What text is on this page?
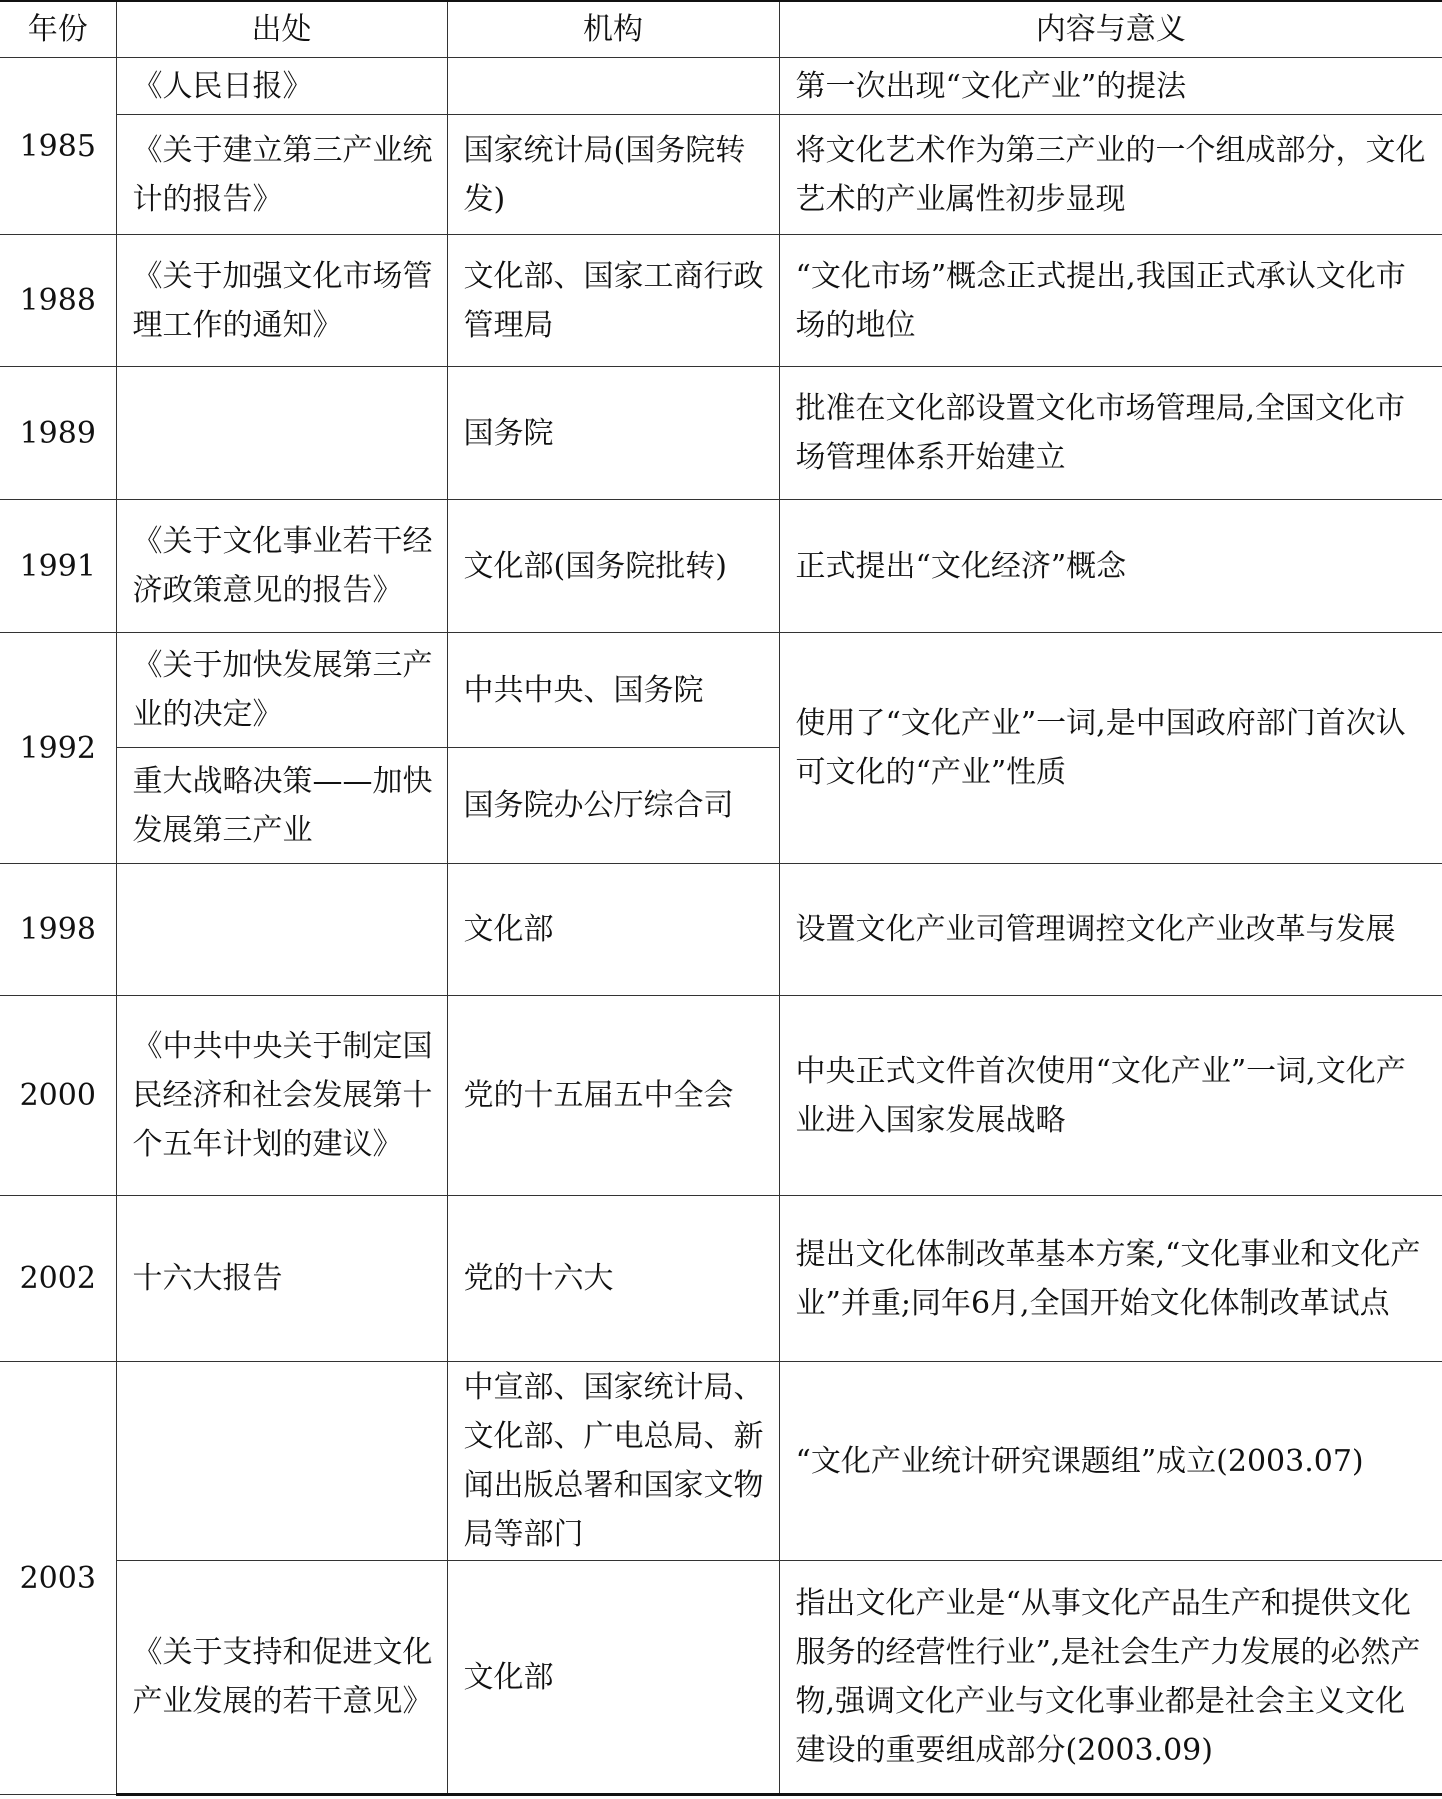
年份	出处	机构	内容与意义
1985	《人民日报》		第一次出现“文化产业”的提法
	《关于建立第三产业统计的报告》	国家统计局(国务院转发)	将文化艺术作为第三产业的一个组成部分，文化艺术的产业属性初步显现
1988	《关于加强文化市场管理工作的通知》	文化部、国家工商行政管理局	“文化市场”概念正式提出,我国正式承认文化市场的地位
1989		国务院	批准在文化部设置文化市场管理局,全国文化市场管理体系开始建立
1991	《关于文化事业若干经济政策意见的报告》	文化部(国务院批转)	正式提出“文化经济”概念
1992	《关于加快发展第三产业的决定》	中共中央、国务院	使用了“文化产业”一词,是中国政府部门首次认可文化的“产业”性质
	重大战略决策——加快发展第三产业	国务院办公厅综合司	
1998		文化部	设置文化产业司管理调控文化产业改革与发展
2000	《中共中央关于制定国民经济和社会发展第十个五年计划的建议》	党的十五届五中全会	中央正式文件首次使用“文化产业”一词,文化产业进入国家发展战略
2002	十六大报告	党的十六大	提出文化体制改革基本方案,“文化事业和文化产业”并重;同年6月,全国开始文化体制改革试点
2003		中宣部、国家统计局、文化部、广电总局、新闻出版总署和国家文物局等部门	“文化产业统计研究课题组”成立(2003.07)
	《关于支持和促进文化产业发展的若干意见》	文化部	指出文化产业是“从事文化产品生产和提供文化服务的经营性行业”,是社会生产力发展的必然产物,强调文化产业与文化事业都是社会主义文化建设的重要组成部分(2003.09)
